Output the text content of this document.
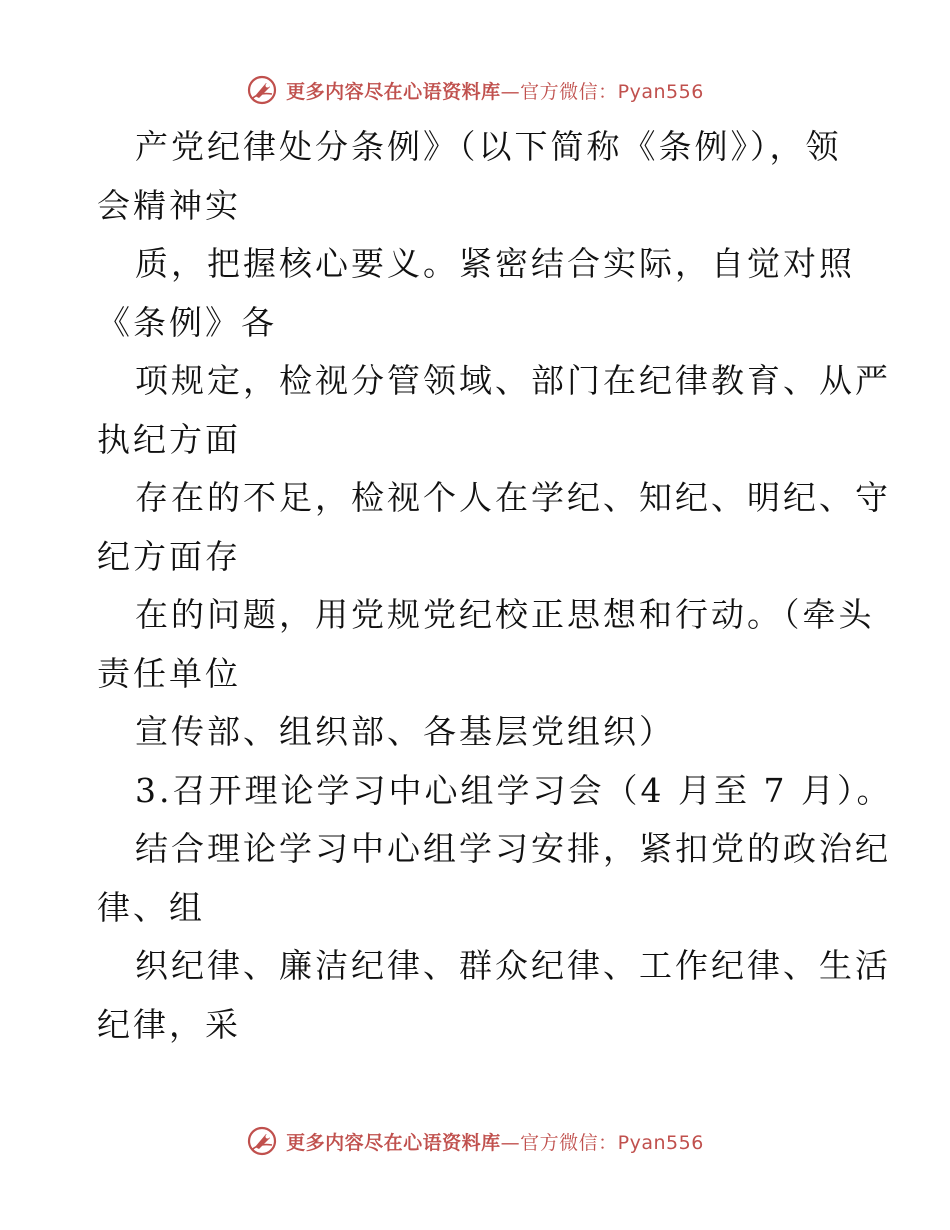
更多内容尽在心语资料库—官方微信：Pyan556
产党纪律处分条例》（以下简称《条例》），领
会精神实
质，把握核心要义。紧密结合实际，自觉对照
《条例》各
项规定，检视分管领域、部门在纪律教育、从严
执纪方面
存在的不足，检视个人在学纪、知纪、明纪、守
纪方面存
在的问题，用党规党纪校正思想和行动。（牵头
责任单位
宣传部、组织部、各基层党组织）
3.召开理论学习中心组学习会（4 月至 7 月）。
结合理论学习中心组学习安排，紧扣党的政治纪
律、组
织纪律、廉洁纪律、群众纪律、工作纪律、生活
纪律，采
更多内容尽在心语资料库—官方微信：Pyan556
